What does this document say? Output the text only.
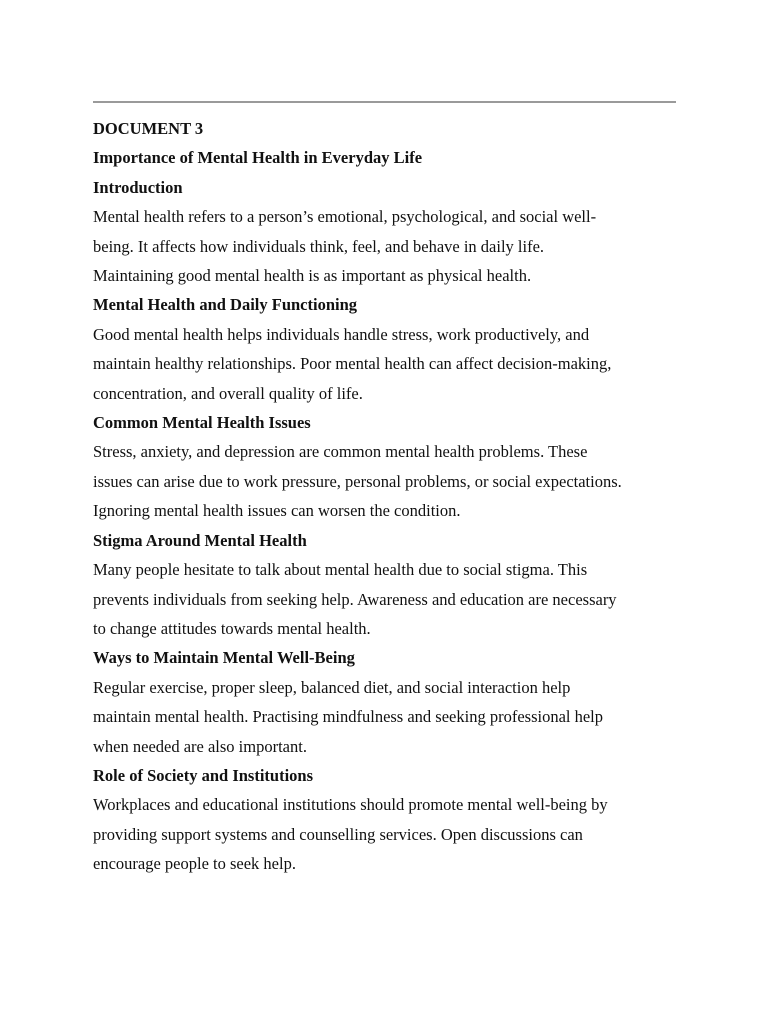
DOCUMENT 3

Importance of Mental Health in Everyday Life

Introduction

Mental health refers to a person’s emotional, psychological, and social well-
being. It affects how individuals think, feel, and behave in daily life.
Maintaining good mental health is as important as physical health.

Mental Health and Daily Functioning

Good mental health helps individuals handle stress, work productively, and
maintain healthy relationships. Poor mental health can affect decision-making,
concentration, and overall quality of life.

Common Mental Health Issues

Stress, anxiety, and depression are common mental health problems. These
issues can arise due to work pressure, personal problems, or social expectations.
Ignoring mental health issues can worsen the condition.

Stigma Around Mental Health

Many people hesitate to talk about mental health due to social stigma. This
prevents individuals from seeking help. Awareness and education are necessary
to change attitudes towards mental health.

Ways to Maintain Mental Well-Being

Regular exercise, proper sleep, balanced diet, and social interaction help
maintain mental health. Practising mindfulness and seeking professional help
when needed are also important.

Role of Society and Institutions

Workplaces and educational institutions should promote mental well-being by
providing support systems and counselling services. Open discussions can
encourage people to seek help.
